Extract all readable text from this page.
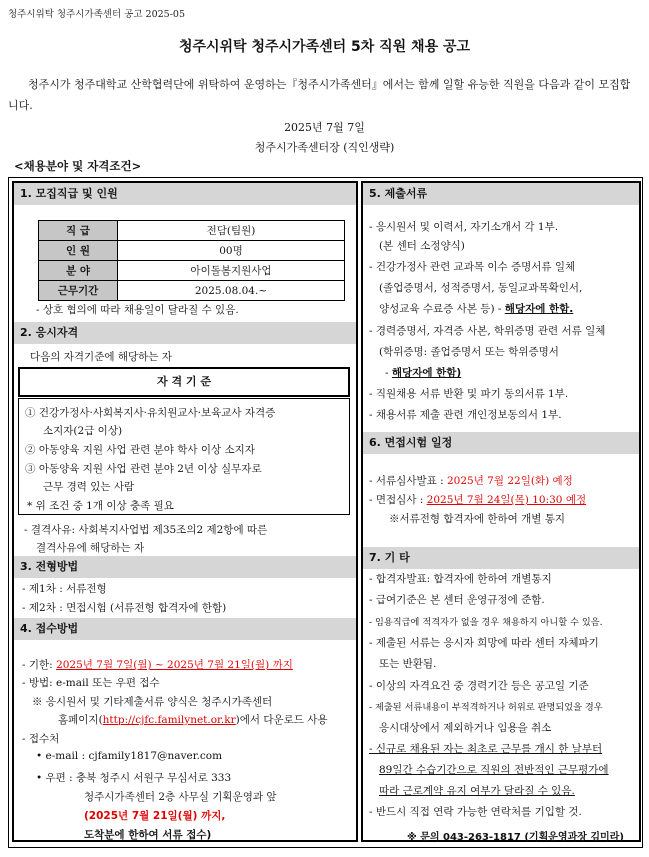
청주시위탁 청주시가족센터 공고 2025-05
청주시위탁 청주시가족센터 5차 직원 채용 공고
청주시가 청주대학교 산학협력단에 위탁하여 운영하는『청주시가족센터』에서는 함께 일할 유능한 직원을 다음과 같이 모집합니다.
2025년 7월 7일
청주시가족센터장 (직인생략)
<채용분야 및 자격조건>
1. 모집직급 및 인원
직 급	전담(팀원)
인 원	00명
분 야	아이돌봄지원사업
근무기간	2025.08.04.~
- 상호 협의에 따라 채용일이 달라질 수 있음.
2. 응시자격
다음의 자격기준에 해당하는 자
자 격 기 준
① 건강가정사·사회복지사·유치원교사·보육교사 자격증
소지자(2급 이상)
② 아동양육 지원 사업 관련 분야 학사 이상 소지자
③ 아동양육 지원 사업 관련 분야 2년 이상 실무자로
근무 경력 있는 사람
* 위 조건 중 1개 이상 충족 필요
- 결격사유: 사회복지사업법 제35조의2 제2항에 따른
결격사유에 해당하는 자
3. 전형방법
- 제1차 : 서류전형
- 제2차 : 면접시험 (서류전형 합격자에 한함)
4. 접수방법
- 기한: 2025년 7월 7일(월) ~ 2025년 7월 21일(월) 까지
- 방법: e-mail 또는 우편 접수
※ 응시원서 및 기타제출서류 양식은 청주시가족센터
홈페이지(http://cjfc.familynet.or.kr)에서 다운로드 사용
- 접수처
• e-mail : cjfamily1817@naver.com
• 우편 : 충북 청주시 서원구 무심서로 333
청주시가족센터 2층 사무실 기획운영과 앞
(2025년 7월 21일(월) 까지,
도착분에 한하여 서류 접수)
5. 제출서류
- 응시원서 및 이력서, 자기소개서 각 1부.
(본 센터 소정양식)
- 건강가정사 관련 교과목 이수 증명서류 일체
(졸업증명서, 성적증명서, 동일교과목확인서,
양성교육 수료증 사본 등) - 해당자에 한함.
- 경력증명서, 자격증 사본, 학위증명 관련 서류 일체
(학위증명: 졸업증명서 또는 학위증명서
- 해당자에 한함)
- 직원채용 서류 반환 및 파기 동의서류 1부.
- 채용서류 제출 관련 개인정보동의서 1부.
6. 면접시험 일정
- 서류심사발표 : 2025년 7월 22일(화) 예정
- 면접심사 : 2025년 7월 24일(목) 10:30 예정
※서류전형 합격자에 한하여 개별 통지
7. 기 타
- 합격자발표: 합격자에 한하여 개별통지
- 급여기준은 본 센터 운영규정에 준함.
- 임용직급에 적격자가 없을 경우 채용하지 아니할 수 있음.
- 제출된 서류는 응시자 희망에 따라 센터 자체파기
또는 반환됨.
- 이상의 자격요건 중 경력기간 등은 공고일 기준
- 제출된 서류내용이 부적격하거나 허위로 판명되었을 경우
응시대상에서 제외하거나 임용을 취소
- 신규로 채용된 자는 최초로 근무를 개시 한 날부터
89일간 수습기간으로 직원의 전반적인 근무평가에
따라 근로계약 유지 여부가 달라질 수 있음.
- 반드시 직접 연락 가능한 연락처를 기입할 것.
※ 문의 043-263-1817 (기획운영과장 김미라)
